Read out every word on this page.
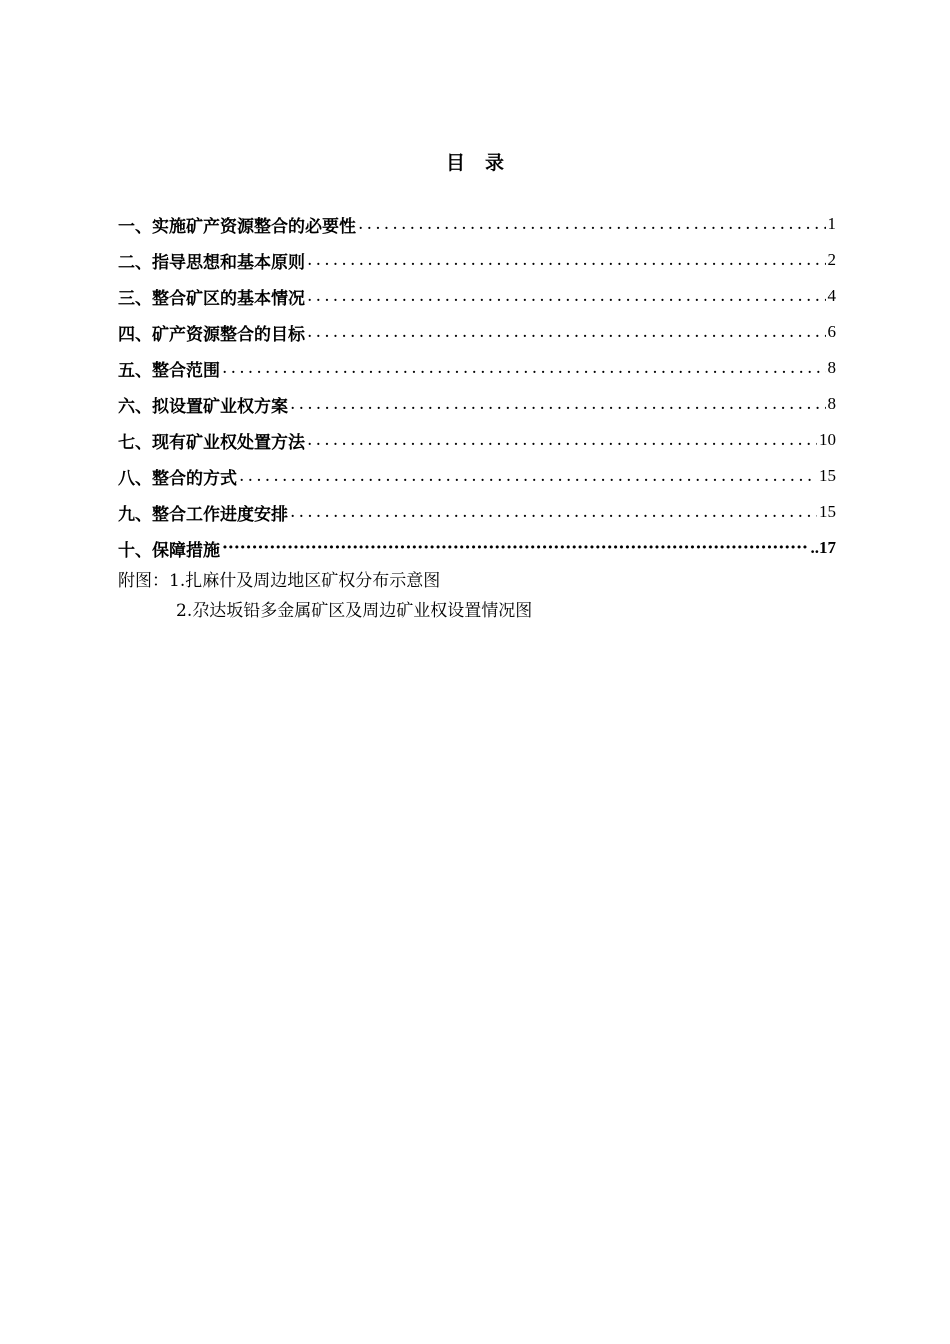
目 录
一、实施矿产资源整合的必要性 .....	1
二、指导思想和基本原则 .....	2
三、整合矿区的基本情况 .....	4
四、矿产资源整合的目标 .....	6
五、整合范围 .....	8
六、拟设置矿业权方案 .....	8
七、现有矿业权处置方法 .....	10
八、整合的方式 .....	15
九、整合工作进度安排 .....	15
十、保障措施 ·····	..17
附图：1.扎麻什及周边地区矿权分布示意图
2.尕达坂铅多金属矿区及周边矿业权设置情况图
